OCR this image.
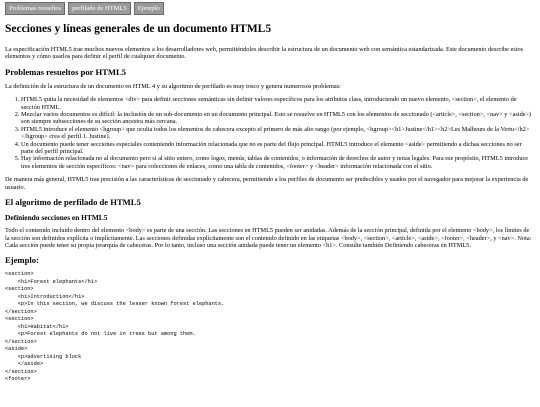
Problemas resueltos	perfilado de HTML5	Ejemplo
Secciones y líneas generales de un documento HTML5

La especificación HTML5 trae muchos nuevos elementos a los desarrolladores web, permitiéndoles describir la estructura de un documento web con semántica estandarizada. Este documento describe estos elementos y cómo usarlos para definir el perfil de cualquier documento.

Problemas resueltos por HTML5

La definición de la estructura de un documento en HTML 4 y su algoritmo de perfilado es muy tosco y genera numerosos problemas:

1. HTML5 quita la necesidad de elementos <div> para definir secciones semánticas sin definir valores específicos para los atributos class, introduciendo un nuevo elemento, <section>, el elemento de sección HTML.
2. Mezclar varios documentos es difícil: la inclusión de un sub-documento en un documento principal. Esto se resuelve en HTML5 con los elementos de seccionado (<article>, <section>, <nav> y <aside>) son siempre subsecciones de su sección ancestra más cercana.
3. HTML5 introduce el elemento <hgroup> que oculta todos los elementos de cabecera excepto el primero de más alto rango (por ejemplo, <hgroup><h1>Justine</h1><h2>Les Malheurs de la Vertu</h2></hgroup> crea el perfil 1. Justine).
4. Un documento puede tener secciones especiales conteniendo información relacionada que no es parte del flujo principal. HTML5 introduce el elemento <aside> permitiendo a dichas secciones no ser parte del perfil principal.
5. Hay información relacionada no al documento pero si al sitio entero, como logos, menús, tablas de contenidos, o información de derechos de autor y notas legales. Para ese propósito, HTML5 introduce tres elementos de sección específicos: <nav> para colecciones de enlaces, como una tabla de contenidos, <footer> y <header> información relacionada con el sitio.

De manera más general, HTML5 trae precisión a las características de seccionado y cabecera, permitiendo a los perfiles de documento ser predecibles y usados por el navegador para mejorar la experiencia de usuario.

El algoritmo de perfilado de HTML5
Definiendo secciones en HTML5

Todo el contenido incluido dentro del elemento <body> es parte de una sección. Las secciones en HTML5 pueden ser anidadas. Además de la sección principal, definida por el elemento <body>, los límites de la sección son definidos explícita o implícitamente. Las secciones definidas explícitamente son el contenido definido en las etiquetas <body>, <section>, <article>, <aside>, <footer>, <header>, y <nav>. Nota: Cada sección puede tener su propia jerarquía de cabeceras. Por lo tanto, incluso una sección anidada puede tener un elemento <h1>. Consulte también Definiendo cabeceras en HTML5.

Ejemplo:
<section>
<h1>Forest elephants</h1>
<section>
<h1>Introduction</h1>
<p>In this section, we discuss the lesser known forest elephants.
</section>
<section>
<h1>Habitat</h1>
<p>Forest elephants do not live in trees but among them.
</section>
<aside>
<p>advertising block
</aside>
</section>
<footer>
